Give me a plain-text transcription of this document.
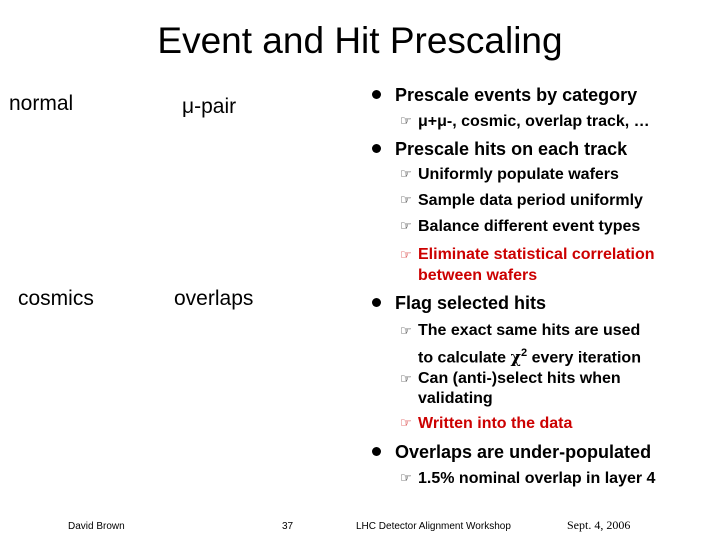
Event and Hit Prescaling
normal	μ-pair
cosmics	overlaps
Prescale events by category
☞ μ+μ-, cosmic, overlap track, …
Prescale hits on each track
☞ Uniformly populate wafers
☞ Sample data period uniformly
☞ Balance different event types
☞ Eliminate statistical correlation
between wafers
Flag selected hits
☞ The exact same hits are used
to calculate $\chi^2$ every iteration
☞ Can (anti-)select hits when
validating
☞ Written into the data
Overlaps are under-populated
☞ 1.5% nominal overlap in layer 4
David Brown	37	LHC Detector Alignment Workshop	Sept. 4, 2006
